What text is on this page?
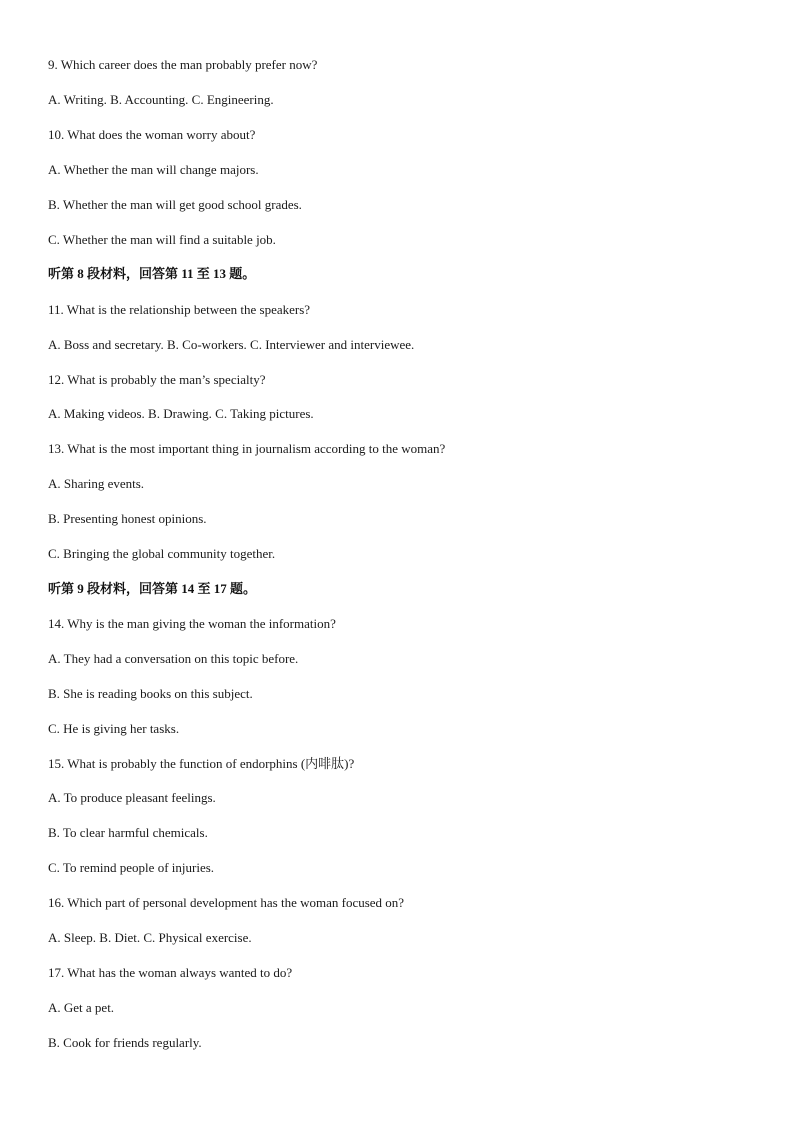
9. Which career does the man probably prefer now?
A. Writing. B. Accounting. C. Engineering.
10. What does the woman worry about?
A. Whether the man will change majors.
B. Whether the man will get good school grades.
C. Whether the man will find a suitable job.
听第 8 段材料，回答第 11 至 13 题。
11. What is the relationship between the speakers?
A. Boss and secretary. B. Co-workers. C. Interviewer and interviewee.
12. What is probably the man’s specialty?
A. Making videos. B. Drawing. C. Taking pictures.
13. What is the most important thing in journalism according to the woman?
A. Sharing events.
B. Presenting honest opinions.
C. Bringing the global community together.
听第 9 段材料，回答第 14 至 17 题。
14. Why is the man giving the woman the information?
A. They had a conversation on this topic before.
B. She is reading books on this subject.
C. He is giving her tasks.
15. What is probably the function of endorphins (内啡肽)?
A. To produce pleasant feelings.
B. To clear harmful chemicals.
C. To remind people of injuries.
16. Which part of personal development has the woman focused on?
A. Sleep. B. Diet. C. Physical exercise.
17. What has the woman always wanted to do?
A. Get a pet.
B. Cook for friends regularly.
